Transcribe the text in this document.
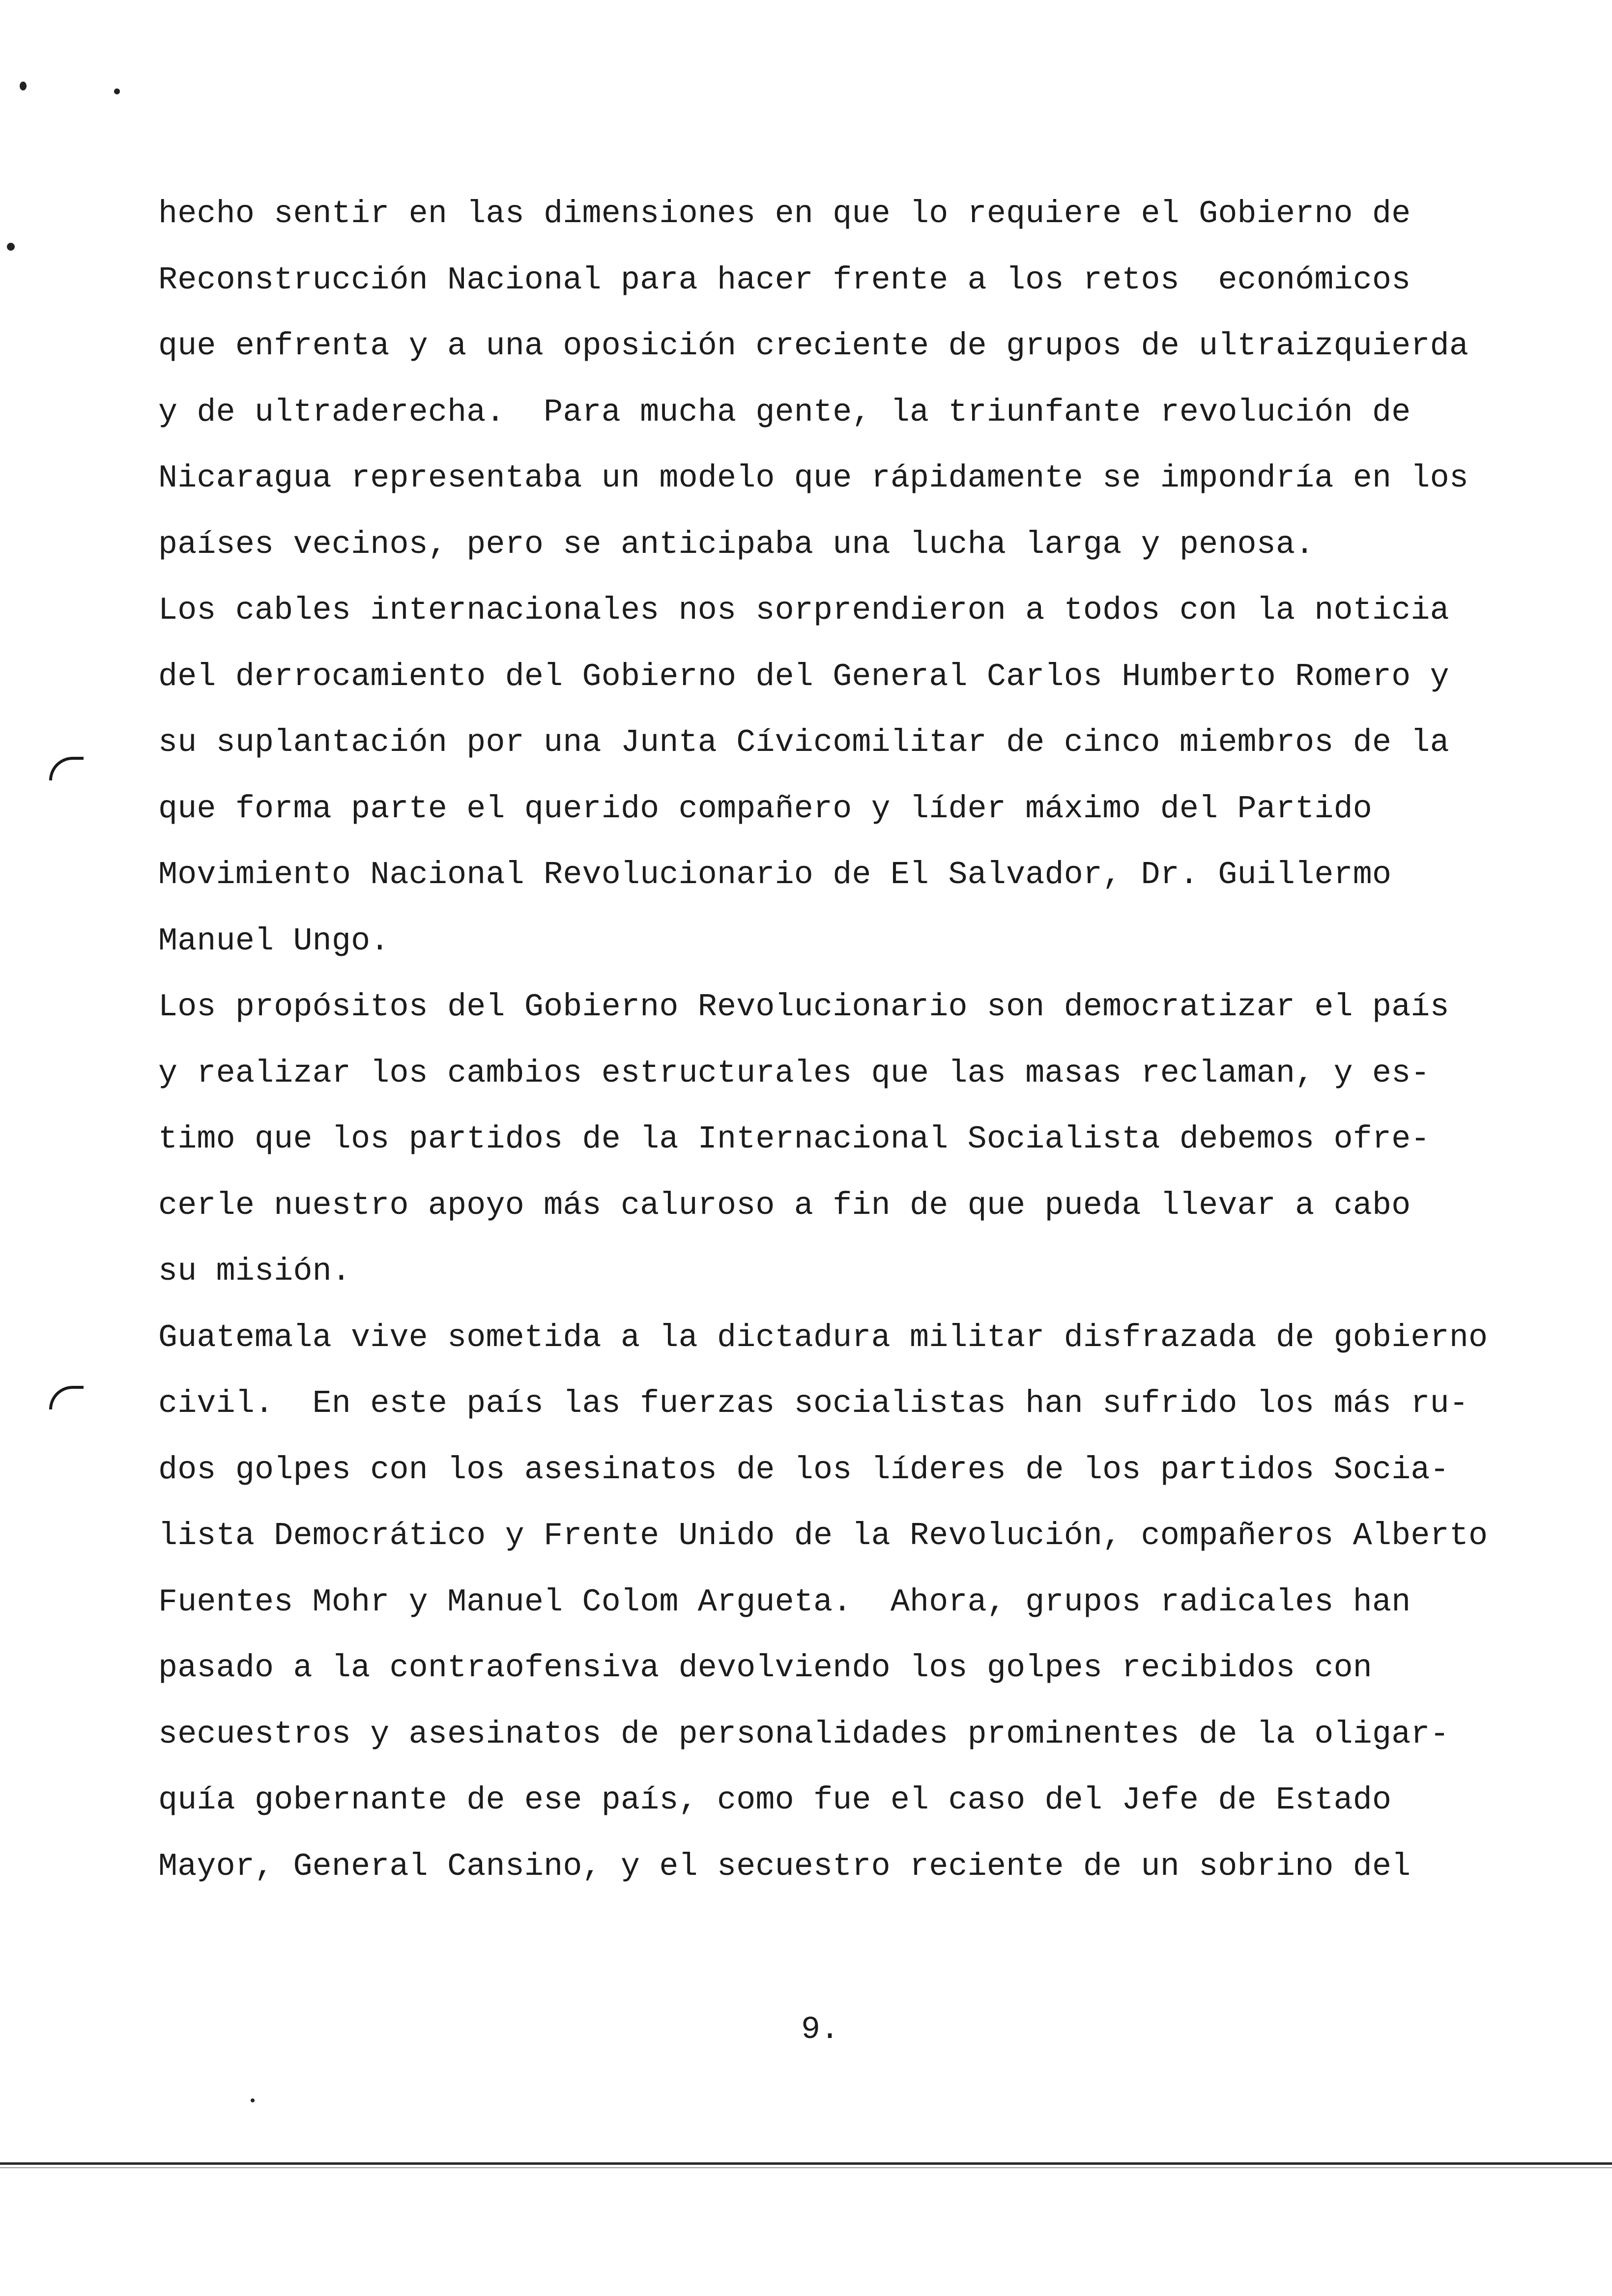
hecho sentir en las dimensiones en que lo requiere el Gobierno de
Reconstrucción Nacional para hacer frente a los retos  económicos
que enfrenta y a una oposición creciente de grupos de ultraizquierda
y de ultraderecha.  Para mucha gente, la triunfante revolución de
Nicaragua representaba un modelo que rápidamente se impondría en los
países vecinos, pero se anticipaba una lucha larga y penosa.
Los cables internacionales nos sorprendieron a todos con la noticia
del derrocamiento del Gobierno del General Carlos Humberto Romero y
su suplantación por una Junta Cívicomilitar de cinco miembros de la
que forma parte el querido compañero y líder máximo del Partido
Movimiento Nacional Revolucionario de El Salvador, Dr. Guillermo
Manuel Ungo.
Los propósitos del Gobierno Revolucionario son democratizar el país
y realizar los cambios estructurales que las masas reclaman, y es-
timo que los partidos de la Internacional Socialista debemos ofre-
cerle nuestro apoyo más caluroso a fin de que pueda llevar a cabo
su misión.
Guatemala vive sometida a la dictadura militar disfrazada de gobierno
civil.  En este país las fuerzas socialistas han sufrido los más ru-
dos golpes con los asesinatos de los líderes de los partidos Socia-
lista Democrático y Frente Unido de la Revolución, compañeros Alberto
Fuentes Mohr y Manuel Colom Argueta.  Ahora, grupos radicales han
pasado a la contraofensiva devolviendo los golpes recibidos con
secuestros y asesinatos de personalidades prominentes de la oligar-
quía gobernante de ese país, como fue el caso del Jefe de Estado
Mayor, General Cansino, y el secuestro reciente de un sobrino del
9.
